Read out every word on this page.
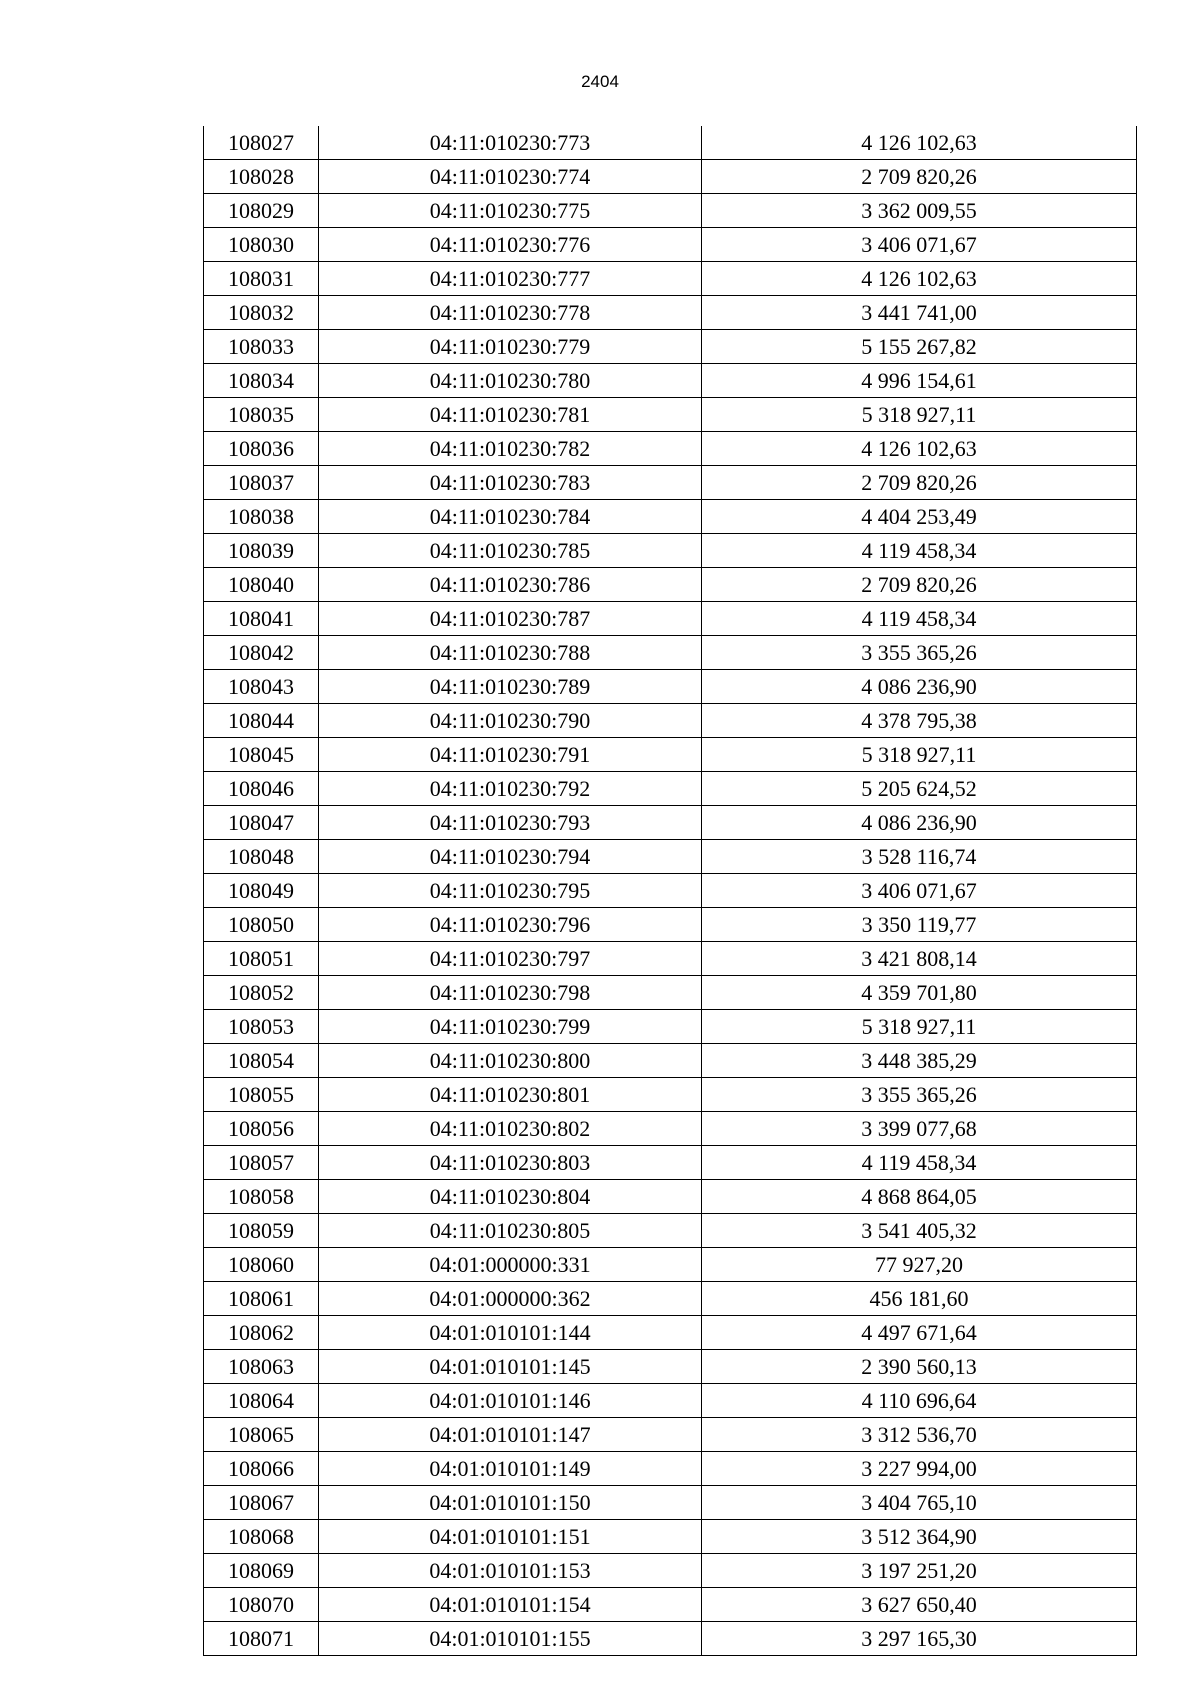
2404
108027	04:11:010230:773	4 126 102,63
108028	04:11:010230:774	2 709 820,26
108029	04:11:010230:775	3 362 009,55
108030	04:11:010230:776	3 406 071,67
108031	04:11:010230:777	4 126 102,63
108032	04:11:010230:778	3 441 741,00
108033	04:11:010230:779	5 155 267,82
108034	04:11:010230:780	4 996 154,61
108035	04:11:010230:781	5 318 927,11
108036	04:11:010230:782	4 126 102,63
108037	04:11:010230:783	2 709 820,26
108038	04:11:010230:784	4 404 253,49
108039	04:11:010230:785	4 119 458,34
108040	04:11:010230:786	2 709 820,26
108041	04:11:010230:787	4 119 458,34
108042	04:11:010230:788	3 355 365,26
108043	04:11:010230:789	4 086 236,90
108044	04:11:010230:790	4 378 795,38
108045	04:11:010230:791	5 318 927,11
108046	04:11:010230:792	5 205 624,52
108047	04:11:010230:793	4 086 236,90
108048	04:11:010230:794	3 528 116,74
108049	04:11:010230:795	3 406 071,67
108050	04:11:010230:796	3 350 119,77
108051	04:11:010230:797	3 421 808,14
108052	04:11:010230:798	4 359 701,80
108053	04:11:010230:799	5 318 927,11
108054	04:11:010230:800	3 448 385,29
108055	04:11:010230:801	3 355 365,26
108056	04:11:010230:802	3 399 077,68
108057	04:11:010230:803	4 119 458,34
108058	04:11:010230:804	4 868 864,05
108059	04:11:010230:805	3 541 405,32
108060	04:01:000000:331	77 927,20
108061	04:01:000000:362	456 181,60
108062	04:01:010101:144	4 497 671,64
108063	04:01:010101:145	2 390 560,13
108064	04:01:010101:146	4 110 696,64
108065	04:01:010101:147	3 312 536,70
108066	04:01:010101:149	3 227 994,00
108067	04:01:010101:150	3 404 765,10
108068	04:01:010101:151	3 512 364,90
108069	04:01:010101:153	3 197 251,20
108070	04:01:010101:154	3 627 650,40
108071	04:01:010101:155	3 297 165,30
